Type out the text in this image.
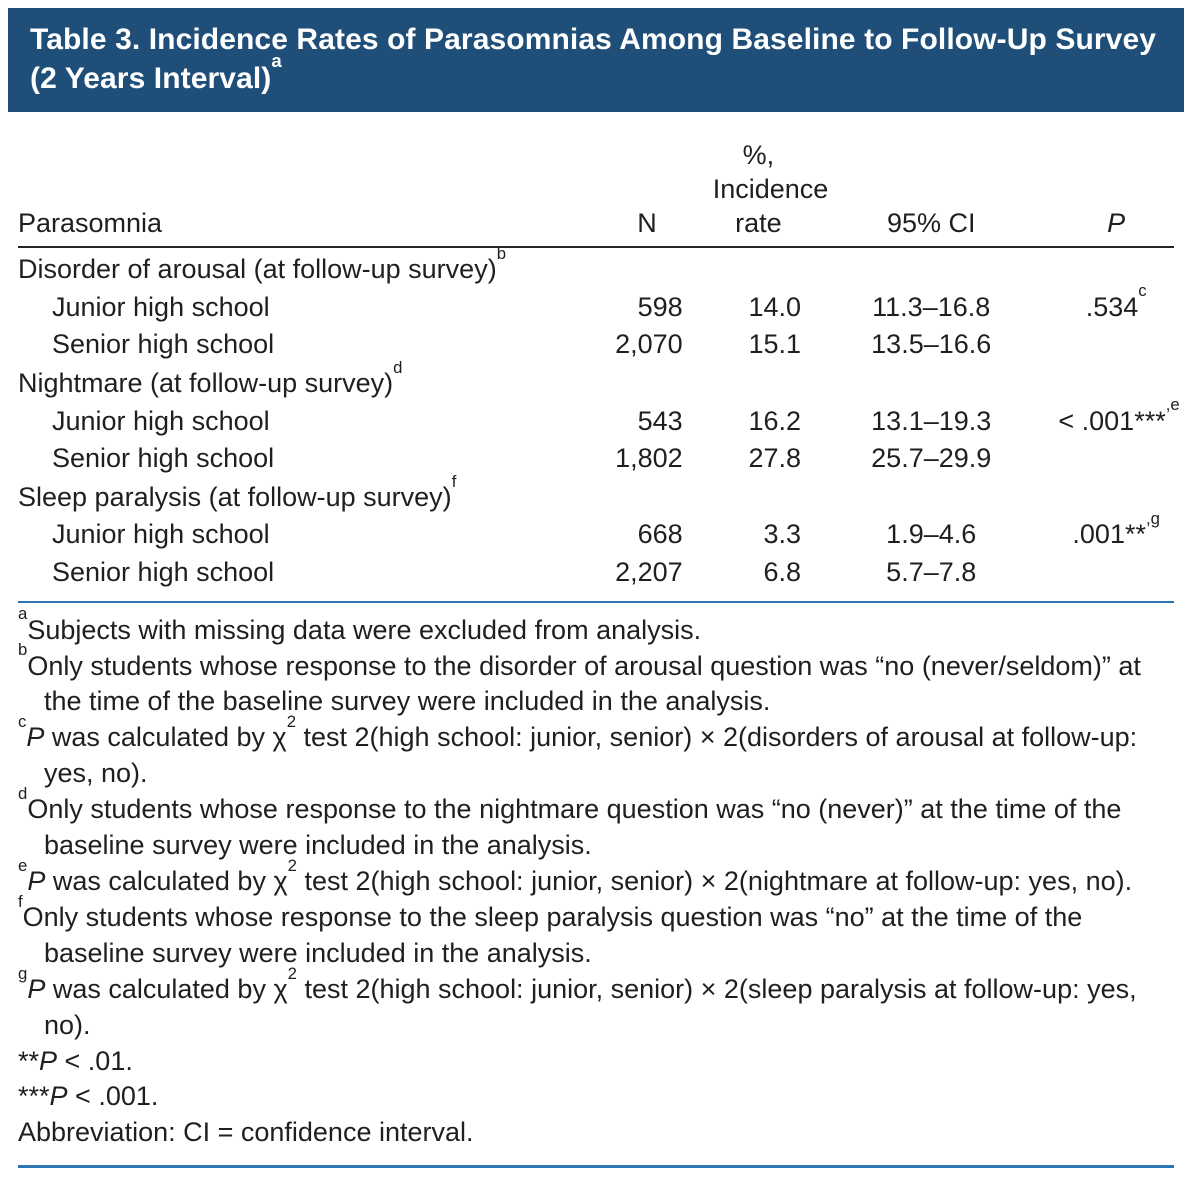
Table 3. Incidence Rates of Parasomnias Among Baseline to Follow-Up Survey (2 Years Interval)$^a$
Parasomnia	N	%,
Incidence
rate	95% CI	P
Disorder of arousal (at follow-up survey)$^b$
Junior high school	598	14.0	11.3–16.8	.534$^c$
Senior high school	2,070	15.1	13.5–16.6	
Nightmare (at follow-up survey)$^d$
Junior high school	543	16.2	13.1–19.3	< .001***$^{,e}$
Senior high school	1,802	27.8	25.7–29.9	
Sleep paralysis (at follow-up survey)$^f$
Junior high school	668	3.3	1.9–4.6	.001**$^{,g}$
Senior high school	2,207	6.8	5.7–7.8	

$^a$Subjects with missing data were excluded from analysis.

$^b$Only students whose response to the disorder of arousal question was “no (never/seldom)” at the time of the baseline survey were included in the analysis.

$^c$P was calculated by $\chi^2$ test 2(high school: junior, senior) × 2(disorders of arousal at follow-up: yes, no).

$^d$Only students whose response to the nightmare question was “no (never)” at the time of the baseline survey were included in the analysis.

$^e$P was calculated by $\chi^2$ test 2(high school: junior, senior) × 2(nightmare at follow-up: yes, no).

$^f$Only students whose response to the sleep paralysis question was “no” at the time of the baseline survey were included in the analysis.

$^g$P was calculated by $\chi^2$ test 2(high school: junior, senior) × 2(sleep paralysis at follow-up: yes, no).

**P < .01.

***P < .001.

Abbreviation: CI = confidence interval.
